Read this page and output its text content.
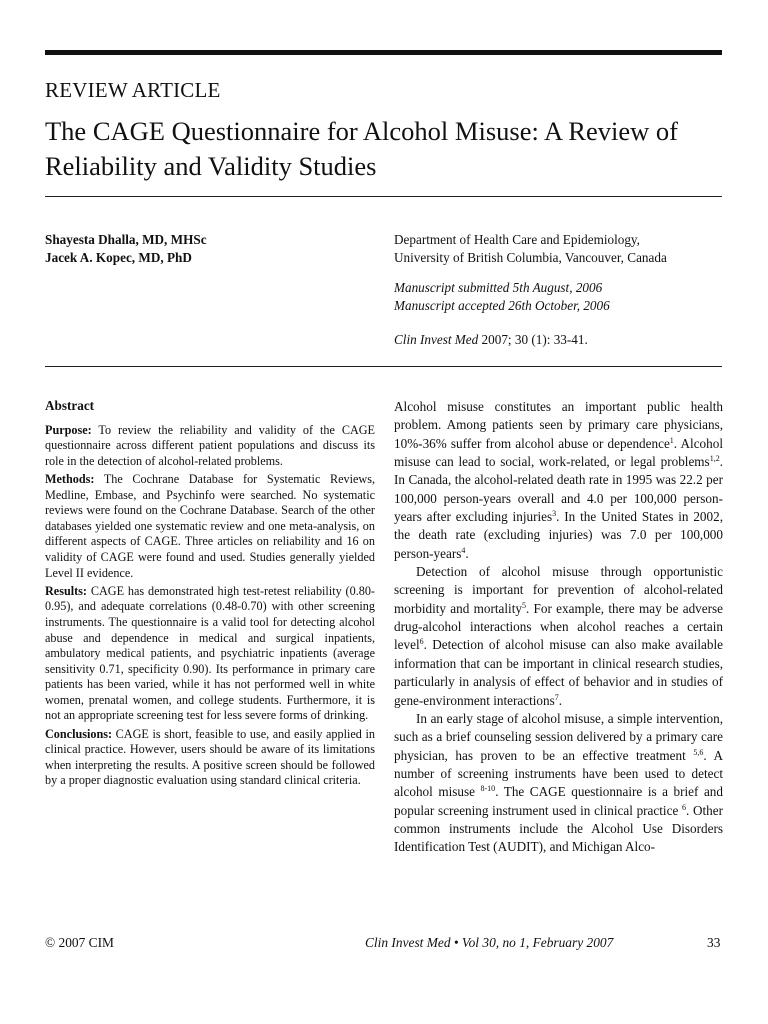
REVIEW ARTICLE
The CAGE Questionnaire for Alcohol Misuse: A Review of Reliability and Validity Studies
Shayesta Dhalla, MD, MHSc
Jacek A. Kopec, MD, PhD
Department of Health Care and Epidemiology,
University of British Columbia, Vancouver, Canada
Manuscript submitted 5th August, 2006
Manuscript accepted 26th October, 2006
Clin Invest Med 2007; 30 (1): 33-41.
Abstract

Purpose: To review the reliability and validity of the CAGE questionnaire across different patient populations and discuss its role in the detection of alcohol-related problems.

Methods: The Cochrane Database for Systematic Reviews, Medline, Embase, and Psychinfo were searched. No systematic reviews were found on the Cochrane Database. Search of the other databases yielded one systematic review and one meta-analysis, on different aspects of CAGE. Three articles on reliability and 16 on validity of CAGE were found and used. Studies generally yielded Level II evidence.

Results: CAGE has demonstrated high test-retest reliability (0.80-0.95), and adequate correlations (0.48-0.70) with other screening instruments. The questionnaire is a valid tool for detecting alcohol abuse and dependence in medical and surgical inpatients, ambulatory medical patients, and psychiatric inpatients (average sensitivity 0.71, specificity 0.90). Its performance in primary care patients has been varied, while it has not performed well in white women, prenatal women, and college students. Furthermore, it is not an appropriate screening test for less severe forms of drinking.

Conclusions: CAGE is short, feasible to use, and easily applied in clinical practice. However, users should be aware of its limitations when interpreting the results. A positive screen should be followed by a proper diagnostic evaluation using standard clinical criteria.

Alcohol misuse constitutes an important public health problem. Among patients seen by primary care physicians, 10%-36% suffer from alcohol abuse or dependence$^1$. Alcohol misuse can lead to social, work-related, or legal problems$^{1,2}$. In Canada, the alcohol-related death rate in 1995 was 22.2 per 100,000 person-years overall and 4.0 per 100,000 person-years after excluding injuries$^3$. In the United States in 2002, the death rate (excluding injuries) was 7.0 per 100,000 person-years$^4$.

Detection of alcohol misuse through opportunistic screening is important for prevention of alcohol-related morbidity and mortality$^5$. For example, there may be adverse drug-alcohol interactions when alcohol reaches a certain level$^6$. Detection of alcohol misuse can also make available information that can be important in clinical research studies, particularly in analysis of effect of behavior and in studies of gene-environment interactions$^7$.

In an early stage of alcohol misuse, a simple intervention, such as a brief counseling session delivered by a primary care physician, has proven to be an effective treatment $^{5,6}$. A number of screening instruments have been used to detect alcohol misuse $^{8-10}$. The CAGE questionnaire is a brief and popular screening instrument used in clinical practice $^6$. Other common instruments include the Alcohol Use Disorders Identification Test (AUDIT), and Michigan Alco-

© 2007 CIM	Clin Invest Med • Vol 30, no 1, February 2007	33
